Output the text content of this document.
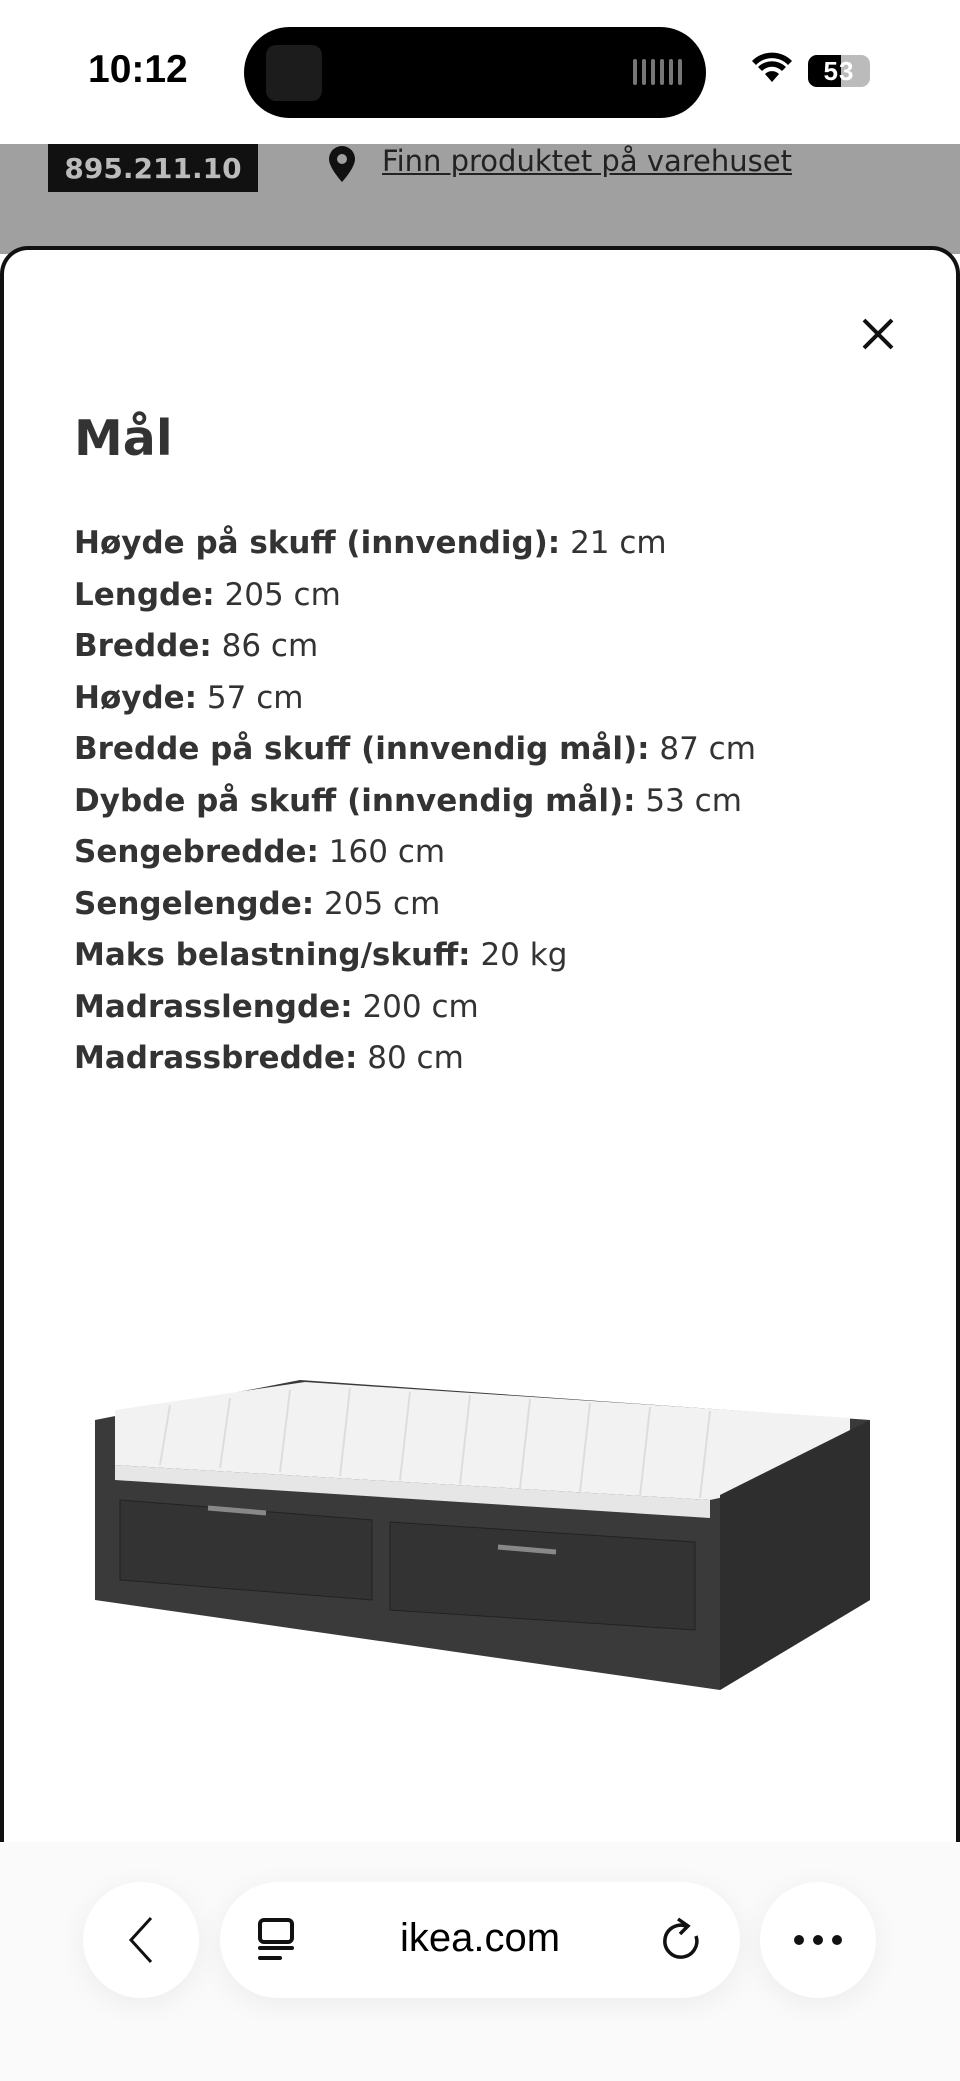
10:12	53
895.211.10	Finn produktet på varehuset
Mål
Høyde på skuff (innvendig): 21 cm
Lengde: 205 cm
Bredde: 86 cm
Høyde: 57 cm
Bredde på skuff (innvendig mål): 87 cm
Dybde på skuff (innvendig mål): 53 cm
Sengebredde: 160 cm
Sengelengde: 205 cm
Maks belastning/skuff: 20 kg
Madrasslengde: 200 cm
Madrassbredde: 80 cm
ikea.com
